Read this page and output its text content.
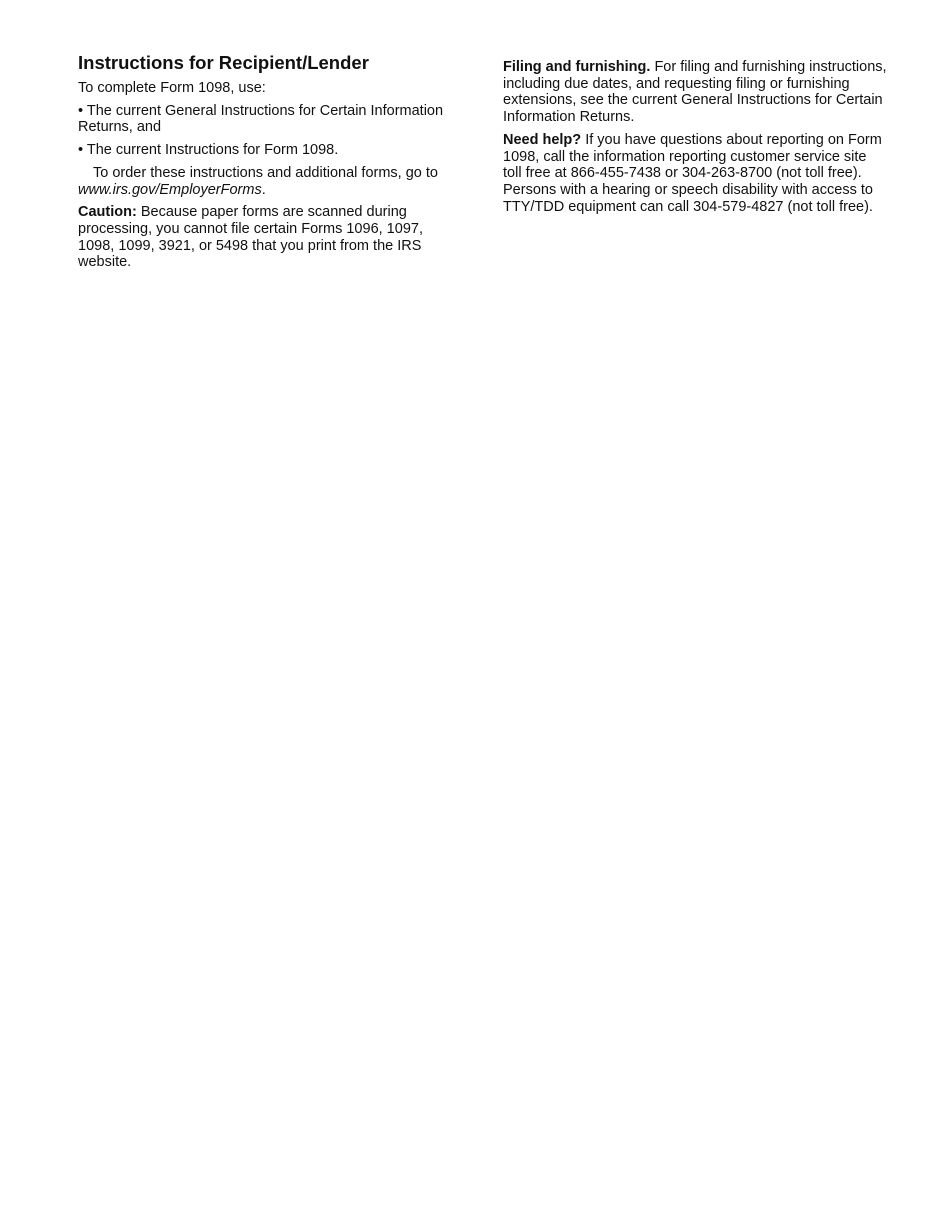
Instructions for Recipient/Lender

To complete Form 1098, use:

• The current General Instructions for Certain Information Returns, and

• The current Instructions for Form 1098.

To order these instructions and additional forms, go to www.irs.gov/EmployerForms.

Caution: Because paper forms are scanned during processing, you cannot file certain Forms 1096, 1097, 1098, 1099, 3921, or 5498 that you print from the IRS website.

Filing and furnishing. For filing and furnishing instructions, including due dates, and requesting filing or furnishing extensions, see the current General Instructions for Certain Information Returns.

Need help? If you have questions about reporting on Form 1098, call the information reporting customer service site toll free at 866-455-7438 or 304-263-8700 (not toll free). Persons with a hearing or speech disability with access to TTY/TDD equipment can call 304-579-4827 (not toll free).
